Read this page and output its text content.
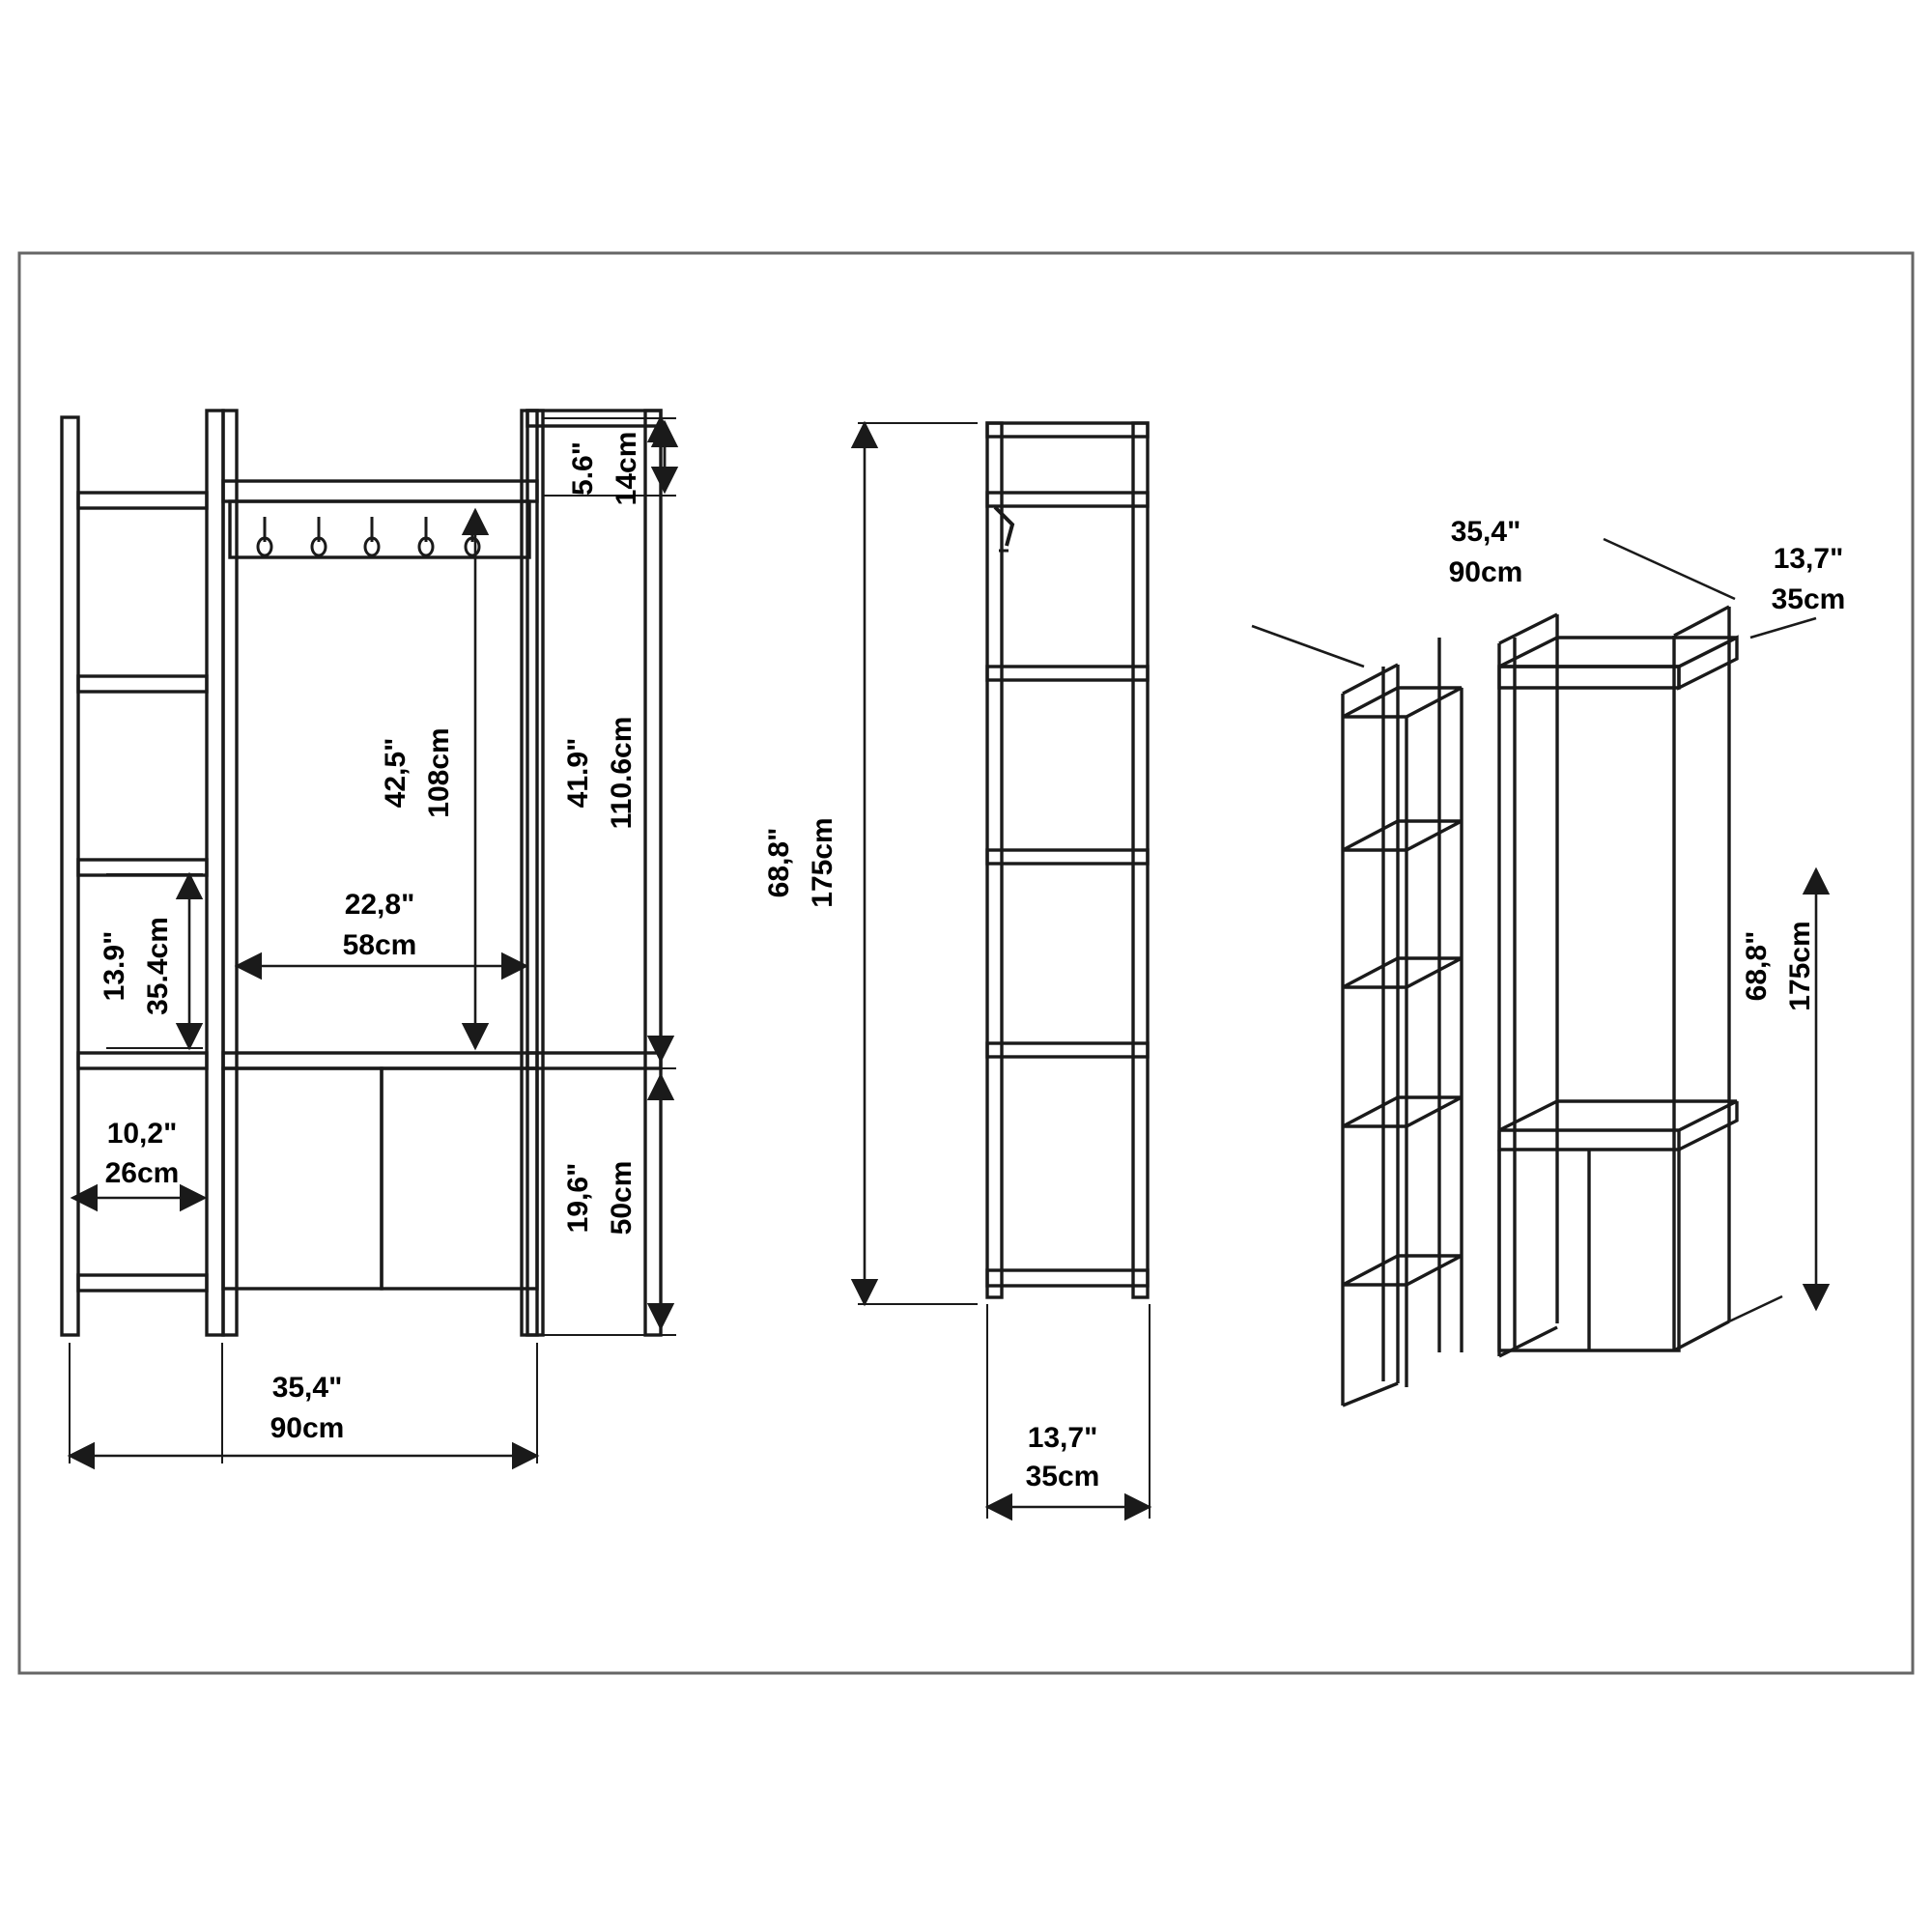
5.6" 14cm
42,5" 108cm	41.9" 110.6cm
22,8"
58cm
13.9" 35.4cm
10,2"
26cm	19,6" 50cm
35,4"
90cm
68,8" 175cm
13,7"
35cm
35,4"
90cm	13,7"
35cm
68,8" 175cm
